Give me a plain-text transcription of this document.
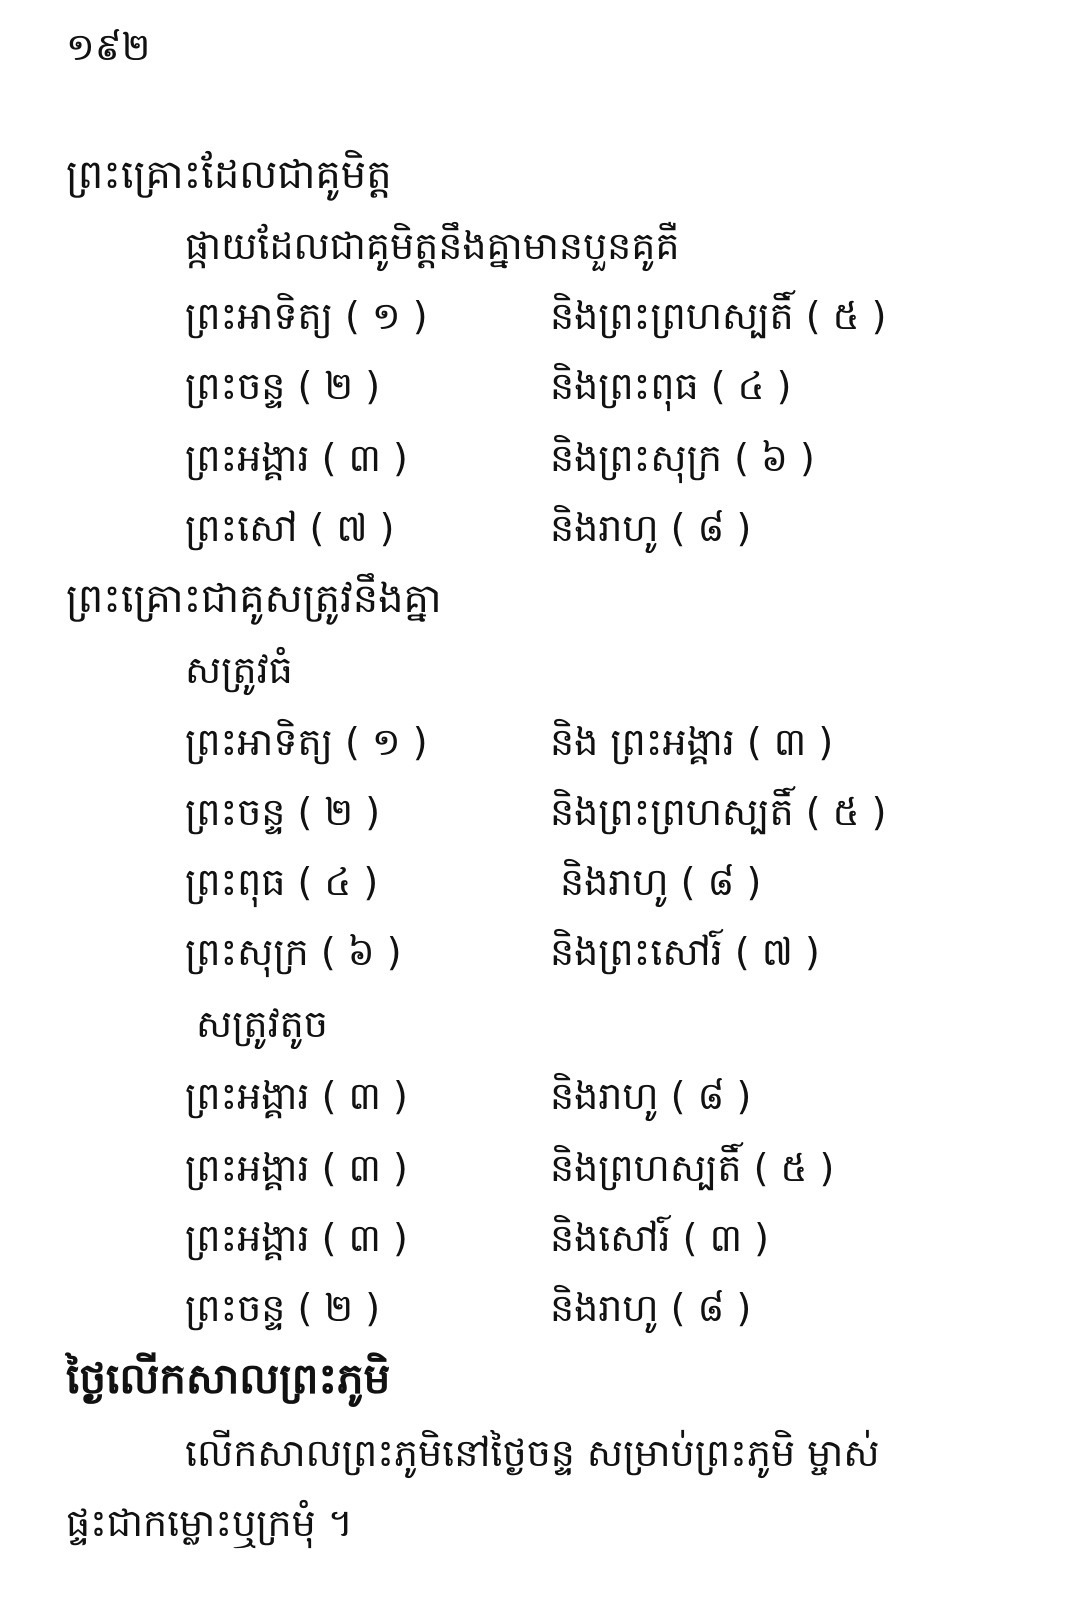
១៩២
ព្រះគ្រោះដែលជាគូមិត្ត
ផ្កាយដែលជាគូមិត្តនឹងគ្នាមានបួនគូគឺ
ព្រះអាទិត្យ ( ១ )	និងព្រះព្រហស្បតិ៍ ( ៥ )
ព្រះចន្ទ ( ២ )	និងព្រះពុធ ( ៤ )
ព្រះអង្គារ ( ៣ )	និងព្រះសុក្រ ( ៦ )
ព្រះសៅ ( ៧ )	និងរាហូ ( ៨ )
ព្រះគ្រោះជាគូសត្រូវនឹងគ្នា
សត្រូវធំ
ព្រះអាទិត្យ ( ១ )	និង ព្រះអង្គារ ( ៣ )
ព្រះចន្ទ ( ២ )	និងព្រះព្រហស្បតិ៍ ( ៥ )
ព្រះពុធ ( ៤ )	និងរាហូ ( ៨ )
ព្រះសុក្រ ( ៦ )	និងព្រះសៅរ៍ ( ៧ )
សត្រូវតូច
ព្រះអង្គារ ( ៣ )	និងរាហូ ( ៨ )
ព្រះអង្គារ ( ៣ )	និងព្រហស្បតិ៍ ( ៥ )
ព្រះអង្គារ ( ៣ )	និងសៅរ៍ ( ៣ )
ព្រះចន្ទ ( ២ )	និងរាហូ ( ៨ )
ថ្ងៃលើកសាលព្រះភូមិ
លើកសាលព្រះភូមិនៅថ្ងៃចន្ទ សម្រាប់ព្រះភូមិ ម្ចាស់
ផ្ទះជាកម្លោះឬក្រមុំ ។
